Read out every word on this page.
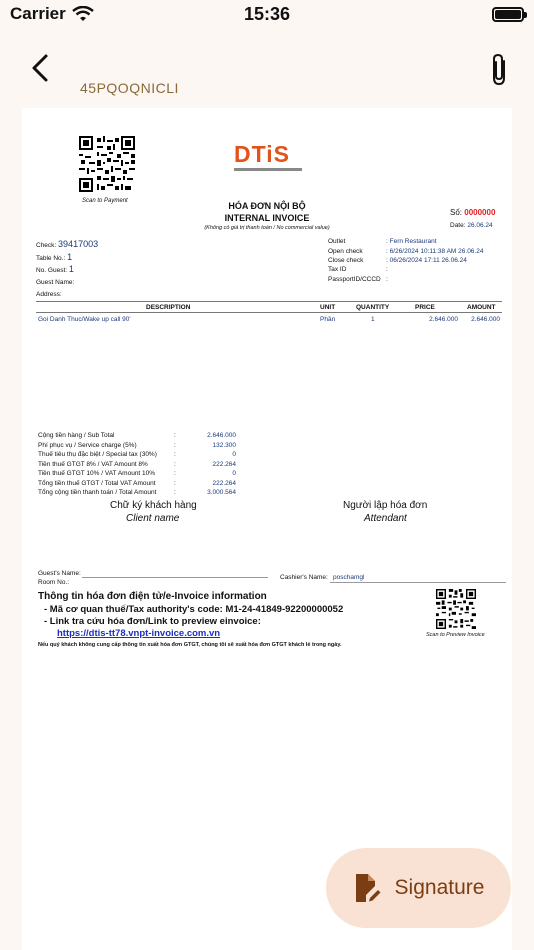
Carrier	15:36
45PQOQNICLI
Scan to Payment
DTiS
HÓA ĐƠN NỘI BỘ
INTERNAL INVOICE
(Không có giá trị thanh toán / No commercial value)
Số: 0000000
Date: 26.06.24
Check: 39417003
Table No.: 1
No. Guest: 1
Guest Name:
Address:
Outlet	: Fern Restaurant
Open check	: 6/26/2024 10:11:38 AM 26.06.24
Close check	: 06/26/2024 17:11 26.06.24
Tax ID	:
PassportID/CCCD :
DESCRIPTION	UNIT	QUANTITY	PRICE	AMOUNT
Goi Danh Thuc/Wake up call 90'	Phần	1	2.646.000	2.646.000
Cộng tiền hàng / Sub Total	:	2.646.000
Phí phục vụ / Service charge (5%)	:	132.300
Thuế tiêu thụ đặc biệt / Special tax (30%)	:	0
Tiền thuế GTGT 8% / VAT Amount 8%	:	222.264
Tiền thuế GTGT 10% / VAT Amount 10%	:	0
Tổng tiền thuế GTGT / Total VAT Amount	:	222.264
Tổng cộng tiền thanh toán / Total Amount	:	3.000.564
Chữ ký khách hàng
Client name
Người lập hóa đơn
Attendant
Guest's Name:
Room No.:
Cashier's Name: poschamgl
Thông tin hóa đơn điện tử/e-Invoice information
- Mã cơ quan thuế/Tax authority's code: M1-24-41849-92200000052
- Link tra cứu hóa đơn/Link to preview einvoice:
https://dtis-tt78.vnpt-invoice.com.vn	Scan to Preview Invoice
Nếu quý khách không cung cấp thông tin xuất hóa đơn GTGT, chúng tôi sẽ xuất hóa đơn GTGT khách lẻ trong ngày.
Signature
